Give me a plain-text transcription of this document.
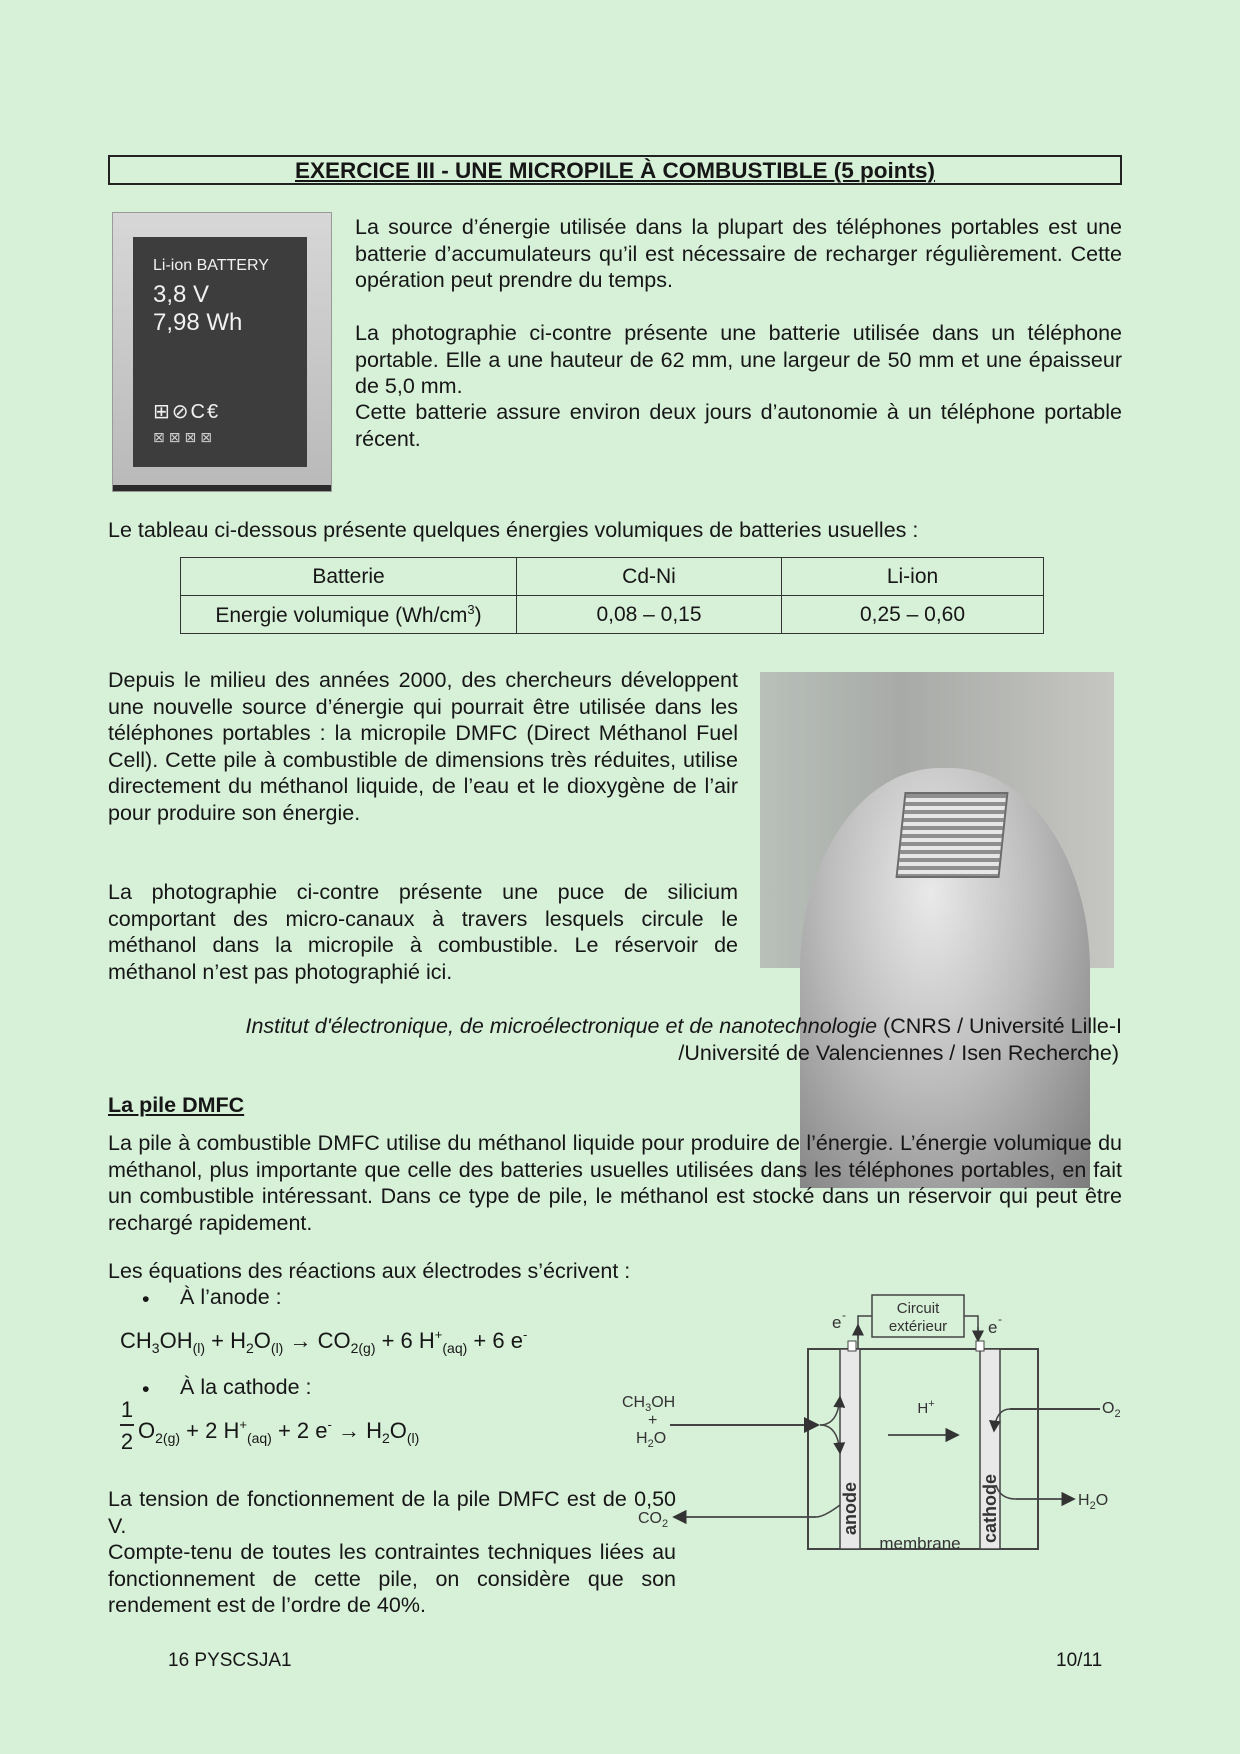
EXERCICE III - UNE MICROPILE À COMBUSTIBLE (5 points)
Li-ion BATTERY
3,8 V
7,98 Wh
⊞⊘C€
⊠⊠⊠⊠
La source d’énergie utilisée dans la plupart des téléphones portables est une batterie d’accumulateurs qu’il est nécessaire de recharger régulièrement. Cette opération peut prendre du temps.
La photographie ci-contre présente une batterie utilisée dans un téléphone portable. Elle a une hauteur de 62 mm, une largeur de 50 mm et une épaisseur de 5,0 mm.
Cette batterie assure environ deux jours d’autonomie à un téléphone portable récent.
Le tableau ci-dessous présente quelques énergies volumiques de batteries usuelles :
Batterie	Cd-Ni	Li-ion
Energie volumique $(Wh/cm^3)$	0,08 – 0,15	0,25 – 0,60
Depuis le milieu des années 2000, des chercheurs développent une nouvelle source d’énergie qui pourrait être utilisée dans les téléphones portables : la micropile DMFC (Direct Méthanol Fuel Cell). Cette pile à combustible de dimensions très réduites, utilise directement du méthanol liquide, de l’eau et le dioxygène de l’air pour produire son énergie.
La photographie ci-contre présente une puce de silicium comportant des micro-canaux à travers lesquels circule le méthanol dans la micropile à combustible. Le réservoir de méthanol n’est pas photographié ici.
Institut d'électronique, de microélectronique et de nanotechnologie (CNRS / Université Lille-I
/Université de Valenciennes / Isen Recherche)
La pile DMFC
La pile à combustible DMFC utilise du méthanol liquide pour produire de l’énergie. L’énergie volumique du méthanol, plus importante que celle des batteries usuelles utilisées dans les téléphones portables, en fait un combustible intéressant. Dans ce type de pile, le méthanol est stocké dans un réservoir qui peut être rechargé rapidement.
Les équations des réactions aux électrodes s’écrivent :
• À l’anode :
$CH_3OH_{(l)} + H_2O_{(l)} \to CO_{2(g)} + 6$ $H^+_{(aq)} + 6$ e-
• À la cathode :
1
2 $O_{2(g)} + 2$ $H^+_{(aq)} + 2$ $e^- \to H_2O_{(l)}$
La tension de fonctionnement de la pile DMFC est de 0,50 V.
Compte-tenu de toutes les contraintes techniques liées au fonctionnement de cette pile, on considère que son rendement est de l’ordre de 40%.
Circuit
extérieur
e -
e -
anode	cathode
membrane
H+
$CH_3OH$
+
$H_2O$
$CO_2$
$O_2$
$H_2O$
16 PYSCSJA1	10/11
